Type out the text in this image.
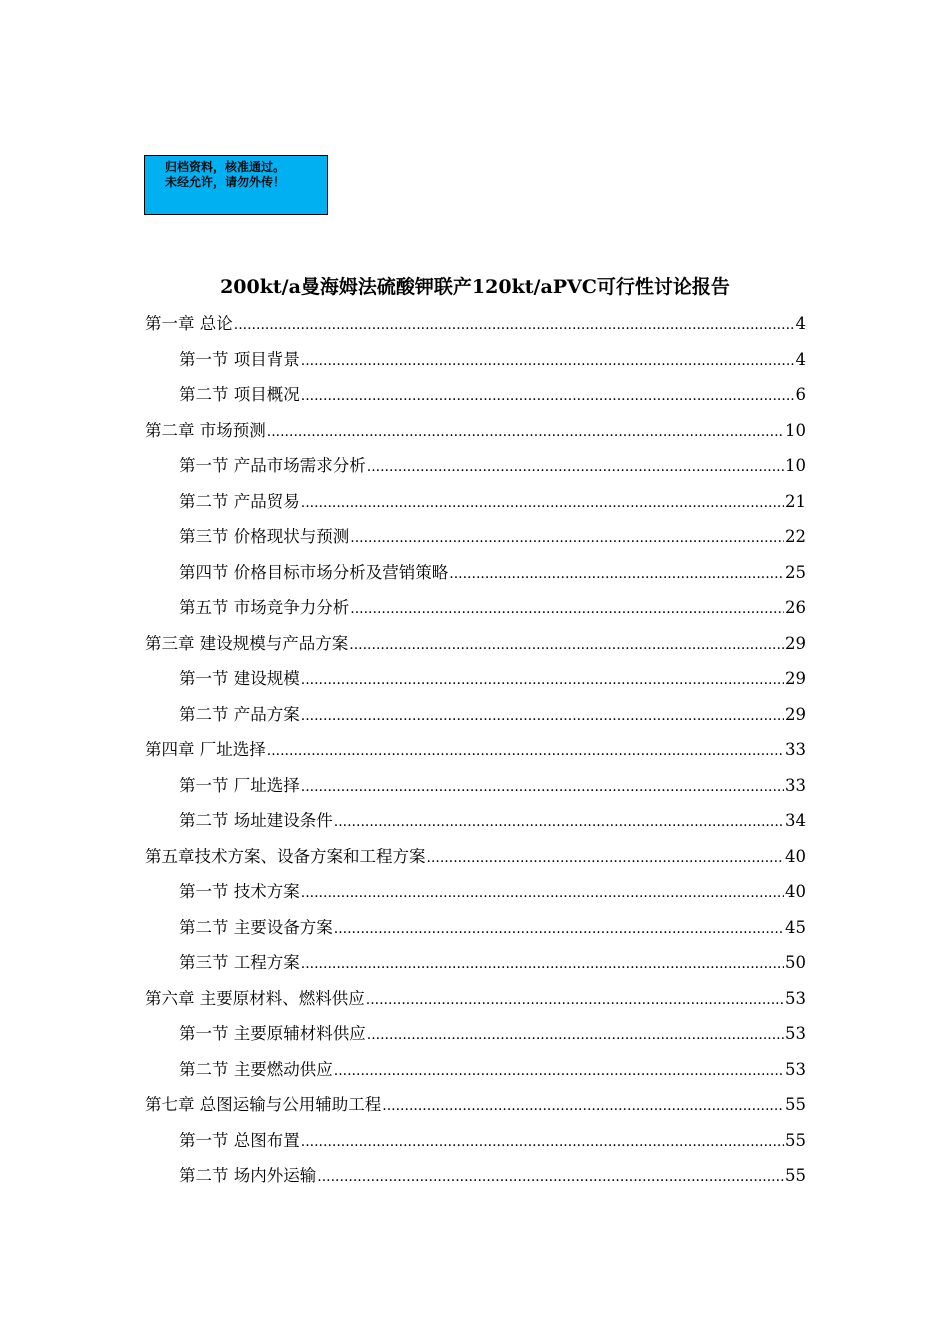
归档资料，核准通过。
未经允许，请勿外传！
200kt/a曼海姆法硫酸钾联产120kt/aPVC可行性讨论报告
第一章 总论 .....	4
第一节 项目背景 .....	4
第二节 项目概况 .....	6
第二章 市场预测 .....	10
第一节 产品市场需求分析 .....	10
第二节 产品贸易 .....	21
第三节 价格现状与预测 .....	22
第四节 价格目标市场分析及营销策略 .....	25
第五节 市场竞争力分析 .....	26
第三章 建设规模与产品方案 .....	29
第一节 建设规模 .....	29
第二节 产品方案 .....	29
第四章 厂址选择 .....	33
第一节 厂址选择 .....	33
第二节 场址建设条件 .....	34
第五章技术方案、设备方案和工程方案 .....	40
第一节 技术方案 .....	40
第二节 主要设备方案 .....	45
第三节 工程方案 .....	50
第六章 主要原材料、燃料供应 .....	53
第一节 主要原辅材料供应 .....	53
第二节 主要燃动供应 .....	53
第七章 总图运输与公用辅助工程 .....	55
第一节 总图布置 .....	55
第二节 场内外运输 .....	55
